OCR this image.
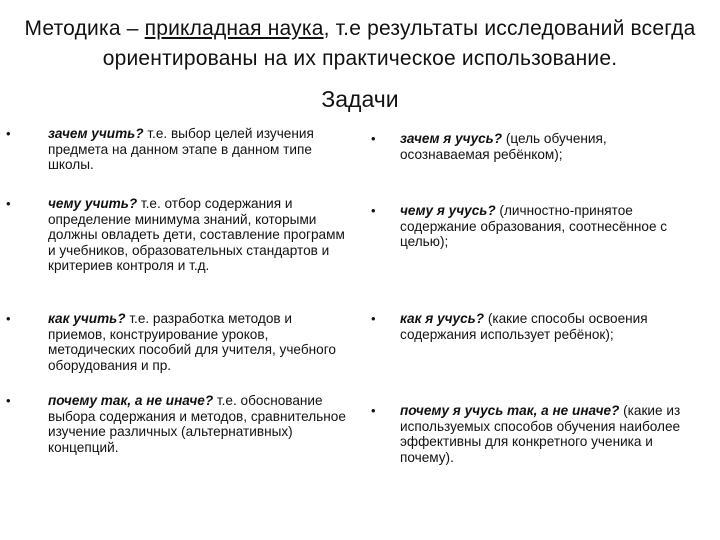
Методика – прикладная наука, т.е результаты исследований всегда ориентированы на их практическое использование.
Задачи
•	зачем учить? т.е. выбор целей изучения предмета на данном этапе в данном типе школы.
•	чему учить? т.е. отбор содержания и определение минимума знаний, которыми должны овладеть дети, составление программ и учебников, образовательных стандартов и критериев контроля и т.д.
•	как учить? т.е. разработка методов и приемов, конструирование уроков, методических пособий для учителя, учебного оборудования и пр.
•	почему так, а не иначе? т.е. обоснование выбора содержания и методов, сравнительное изучение различных (альтернативных) концепций.
• зачем я учусь? (цель обучения, осознаваемая ребёнком);
• чему я учусь? (личностно-принятое содержание образования, соотнесённое с целью);
• как я учусь? (какие способы освоения содержания использует ребёнок);
• почему я учусь так, а не иначе? (какие из используемых способов обучения наиболее эффективны для конкретного ученика и почему).
